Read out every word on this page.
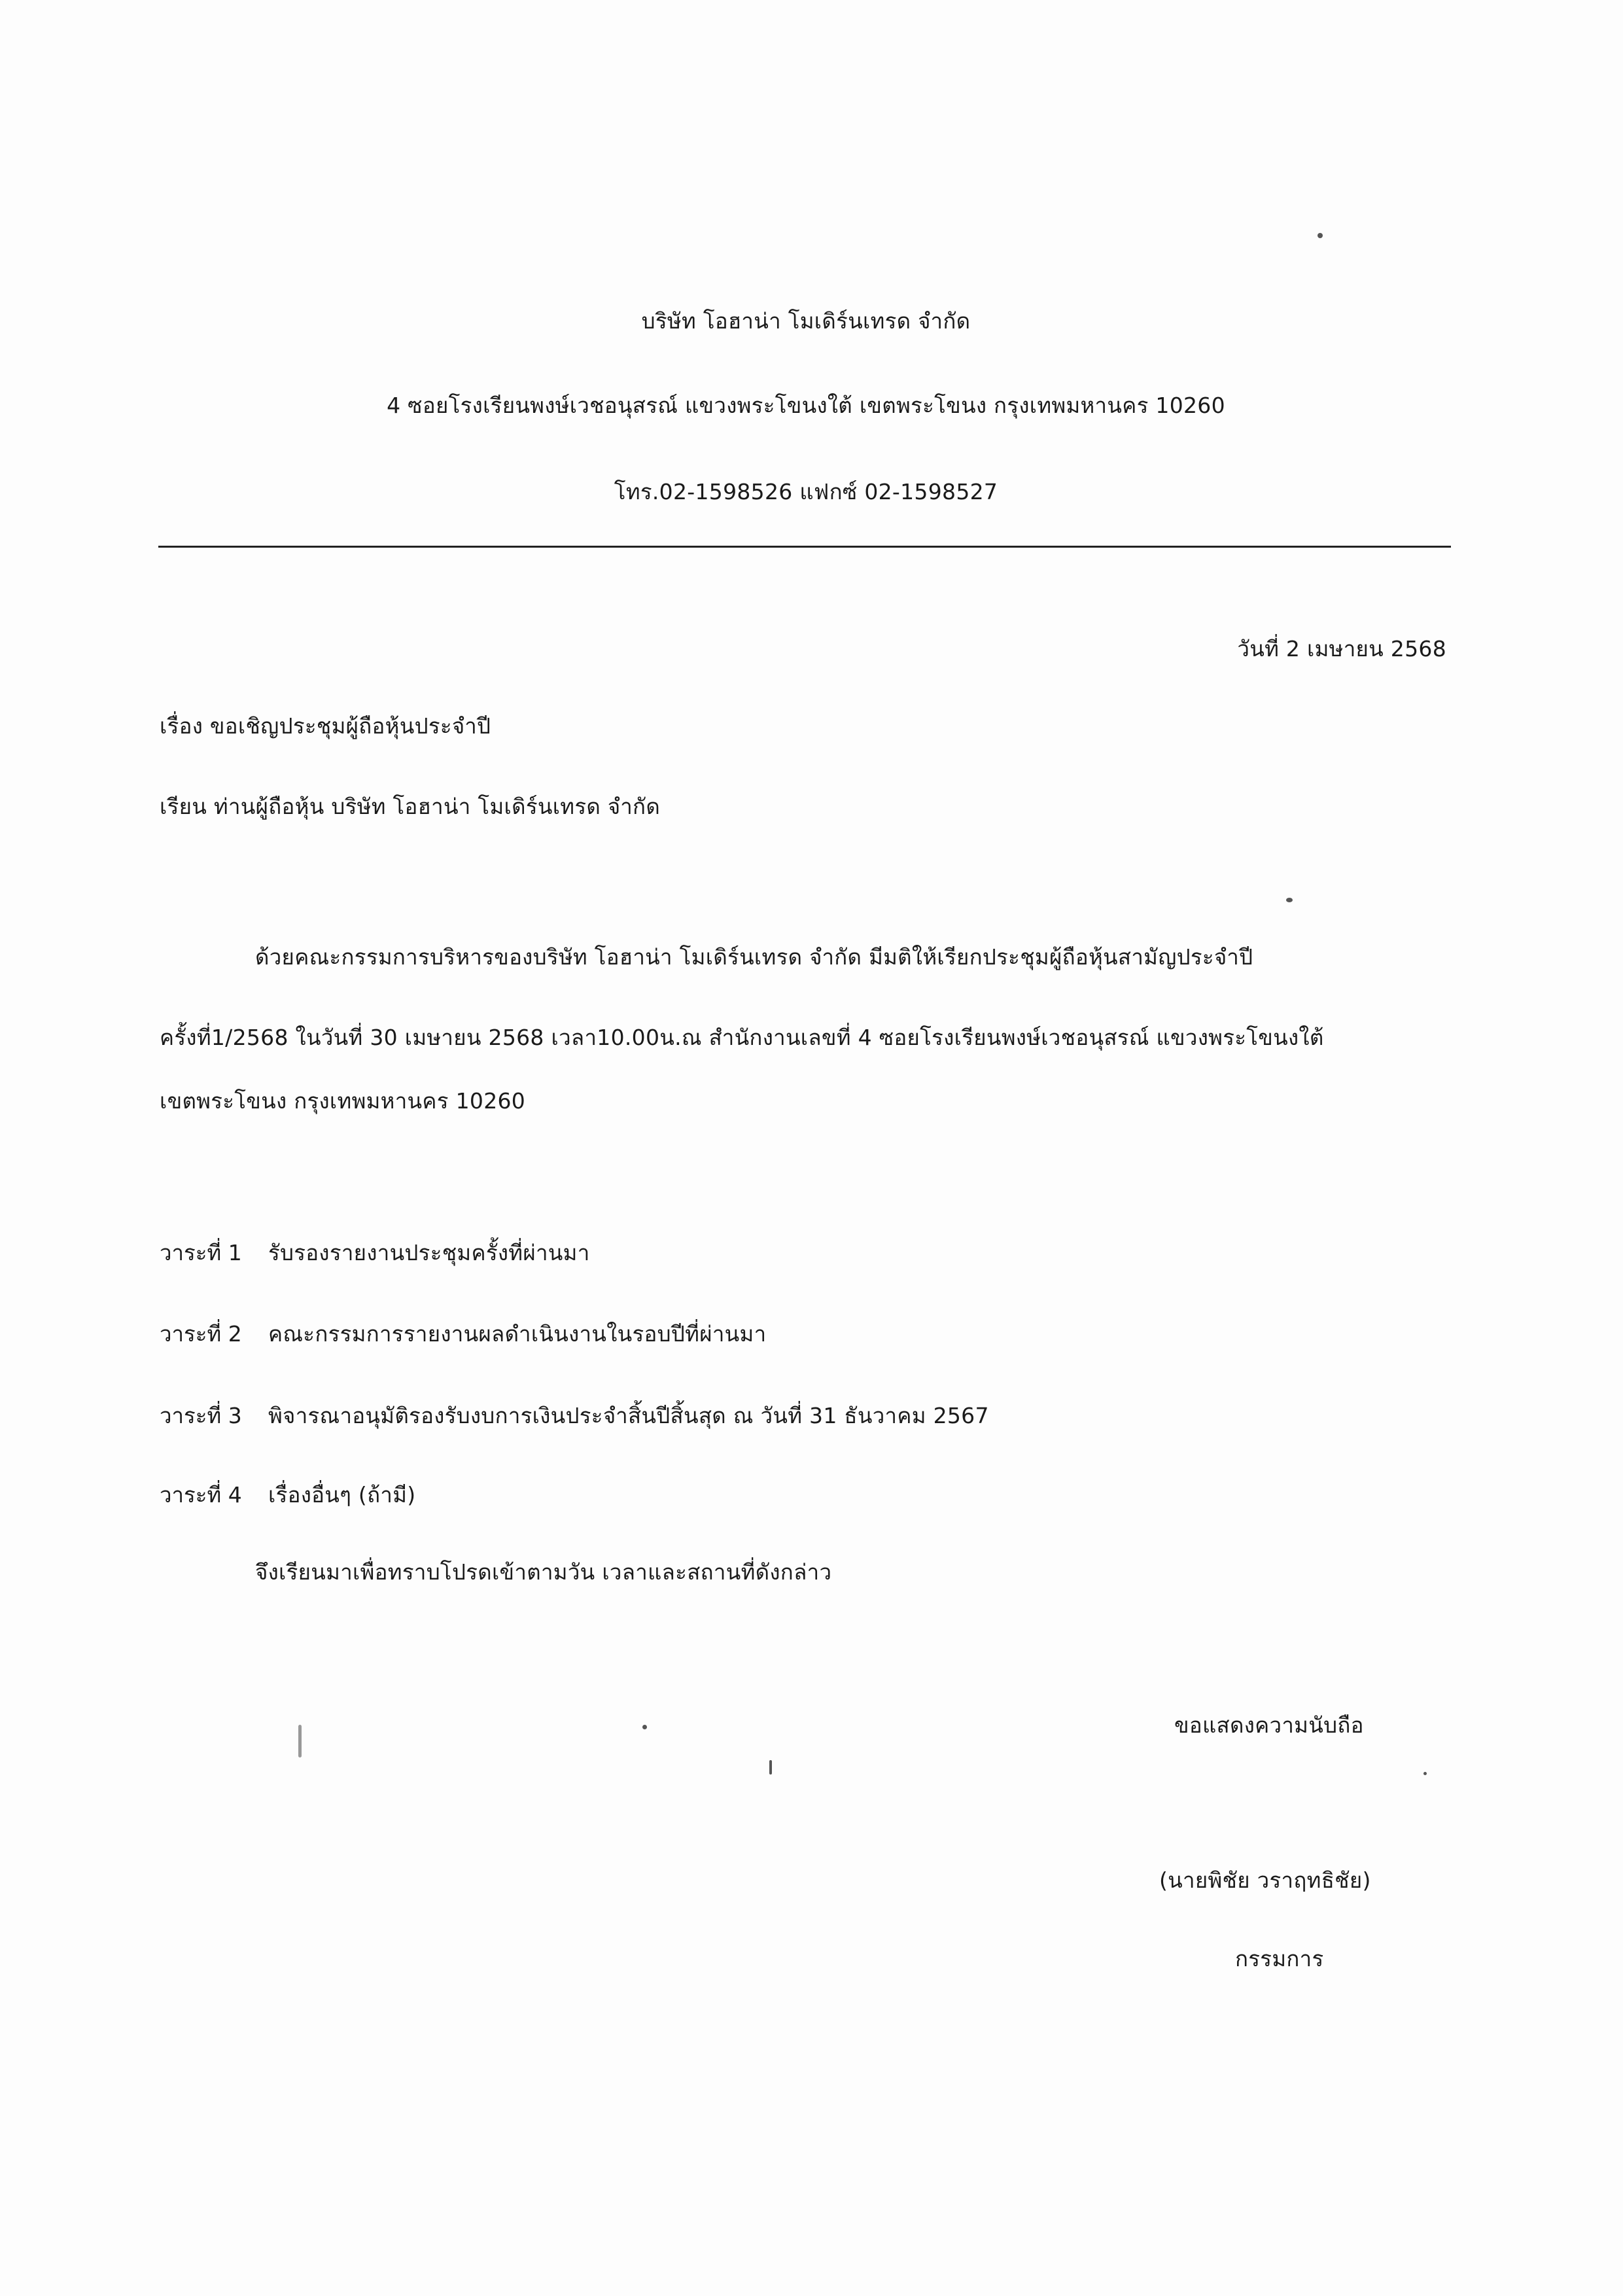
บริษัท โอฮาน่า โมเดิร์นเทรด จำกัด
4 ซอยโรงเรียนพงษ์เวชอนุสรณ์ แขวงพระโขนงใต้ เขตพระโขนง กรุงเทพมหานคร 10260
โทร.02-1598526 แฟกซ์ 02-1598527
วันที่ 2 เมษายน 2568
เรื่อง ขอเชิญประชุมผู้ถือหุ้นประจำปี
เรียน ท่านผู้ถือหุ้น บริษัท โอฮาน่า โมเดิร์นเทรด จำกัด
ด้วยคณะกรรมการบริหารของบริษัท โอฮาน่า โมเดิร์นเทรด จำกัด มีมติให้เรียกประชุมผู้ถือหุ้นสามัญประจำปี
ครั้งที่1/2568 ในวันที่ 30 เมษายน 2568 เวลา10.00น.ณ สำนักงานเลขที่ 4 ซอยโรงเรียนพงษ์เวชอนุสรณ์ แขวงพระโขนงใต้
เขตพระโขนง กรุงเทพมหานคร 10260
วาระที่ 1 รับรองรายงานประชุมครั้งที่ผ่านมา
วาระที่ 2 คณะกรรมการรายงานผลดำเนินงานในรอบปีที่ผ่านมา
วาระที่ 3 พิจารณาอนุมัติรองรับงบการเงินประจำสิ้นปีสิ้นสุด ณ วันที่ 31 ธันวาคม 2567
วาระที่ 4 เรื่องอื่นๆ (ถ้ามี)
จึงเรียนมาเพื่อทราบโปรดเข้าตามวัน เวลาและสถานที่ดังกล่าว
ขอแสดงความนับถือ
(นายพิชัย วราฤทธิชัย)
กรรมการ
